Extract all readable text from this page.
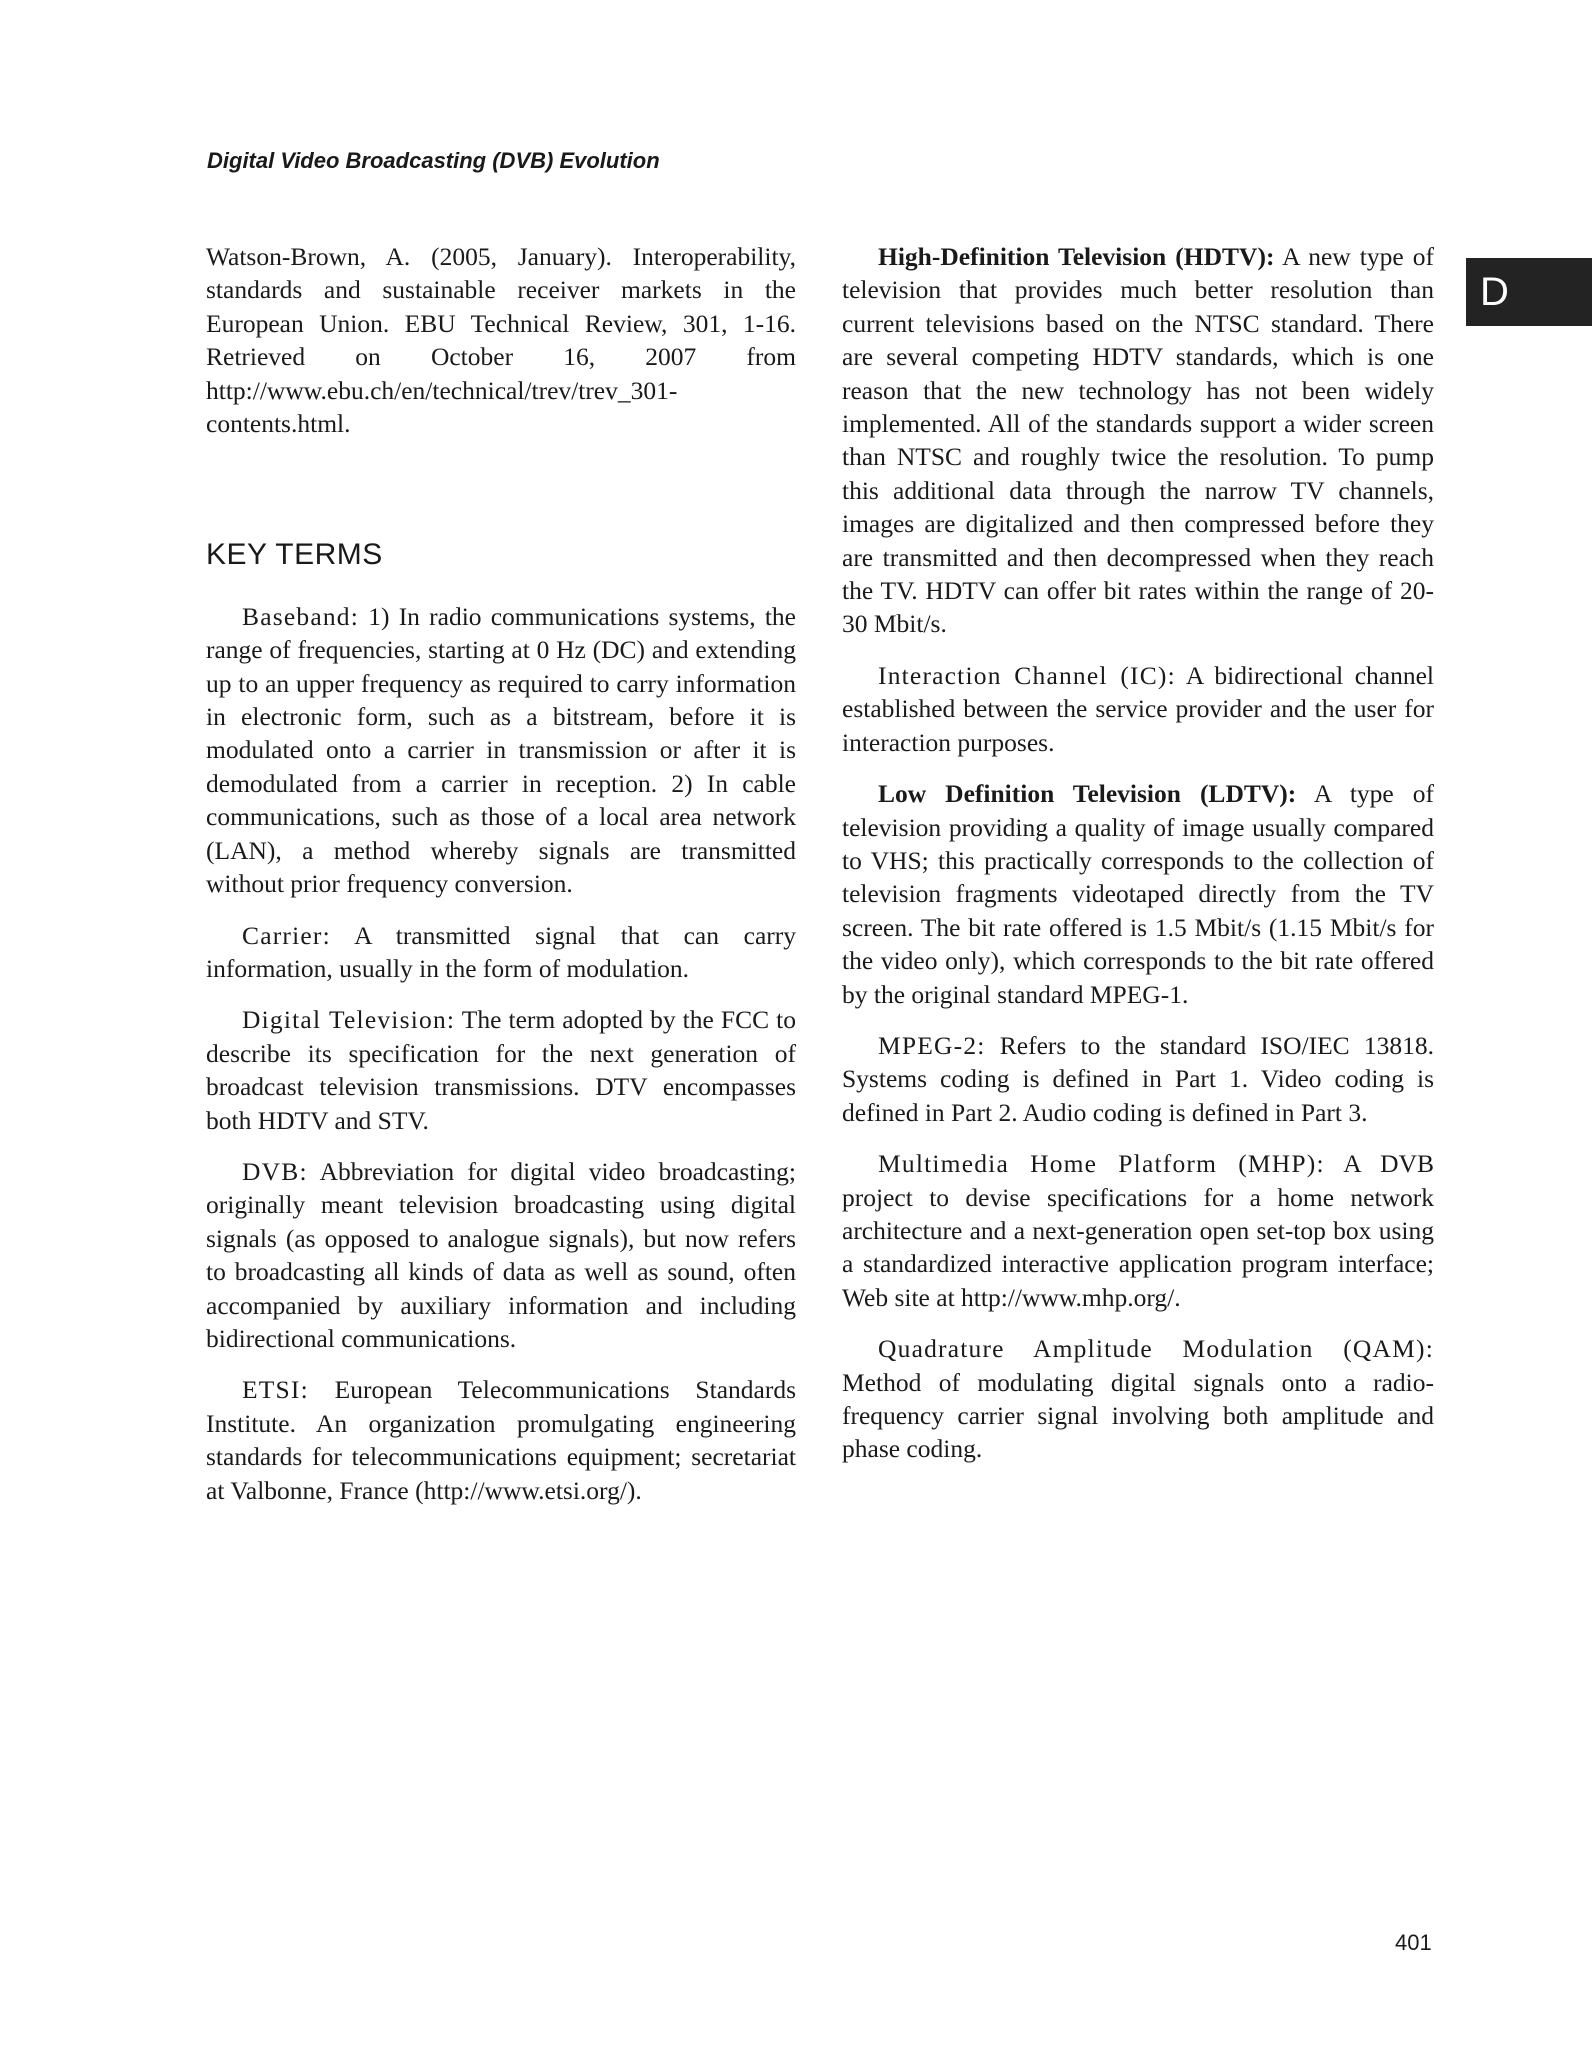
Digital Video Broadcasting (DVB) Evolution

D

Watson-Brown, A. (2005, January). Interoperability, standards and sustainable receiver markets in the European Union. EBU Technical Review, 301, 1-16. Retrieved on October 16, 2007 from http://www.ebu.ch/en/technical/trev/trev_301-contents.html.

KEY TERMS

Baseband: 1) In radio communications systems, the range of frequencies, starting at 0 Hz (DC) and extending up to an upper frequency as required to carry information in electronic form, such as a bitstream, before it is modulated onto a carrier in transmission or after it is demodulated from a carrier in reception. 2) In cable communications, such as those of a local area network (LAN), a method whereby signals are transmitted without prior frequency conversion.

Carrier: A transmitted signal that can carry information, usually in the form of modulation.

Digital Television: The term adopted by the FCC to describe its specification for the next generation of broadcast television transmissions. DTV encompasses both HDTV and STV.

DVB: Abbreviation for digital video broadcasting; originally meant television broadcasting using digital signals (as opposed to analogue signals), but now refers to broadcasting all kinds of data as well as sound, often accompanied by auxiliary information and including bidirectional communications.

ETSI: European Telecommunications Standards Institute. An organization promulgating engineering standards for telecommunications equipment; secretariat at Valbonne, France (http://www.etsi.org/).

High-Definition Television (HDTV): A new type of television that provides much better resolution than current televisions based on the NTSC standard. There are several competing HDTV standards, which is one reason that the new technology has not been widely implemented. All of the standards support a wider screen than NTSC and roughly twice the resolution. To pump this additional data through the narrow TV channels, images are digitalized and then compressed before they are transmitted and then decompressed when they reach the TV. HDTV can offer bit rates within the range of 20-30 Mbit/s.

Interaction Channel (IC): A bidirectional channel established between the service provider and the user for interaction purposes.

Low Definition Television (LDTV): A type of television providing a quality of image usually compared to VHS; this practically corresponds to the collection of television fragments videotaped directly from the TV screen. The bit rate offered is 1.5 Mbit/s (1.15 Mbit/s for the video only), which corresponds to the bit rate offered by the original standard MPEG-1.

MPEG-2: Refers to the standard ISO/IEC 13818. Systems coding is defined in Part 1. Video coding is defined in Part 2. Audio coding is defined in Part 3.

Multimedia Home Platform (MHP): A DVB project to devise specifications for a home network architecture and a next-generation open set-top box using a standardized interactive application program interface; Web site at http://www.mhp.org/.

Quadrature Amplitude Modulation (QAM): Method of modulating digital signals onto a radio-frequency carrier signal involving both amplitude and phase coding.

401
